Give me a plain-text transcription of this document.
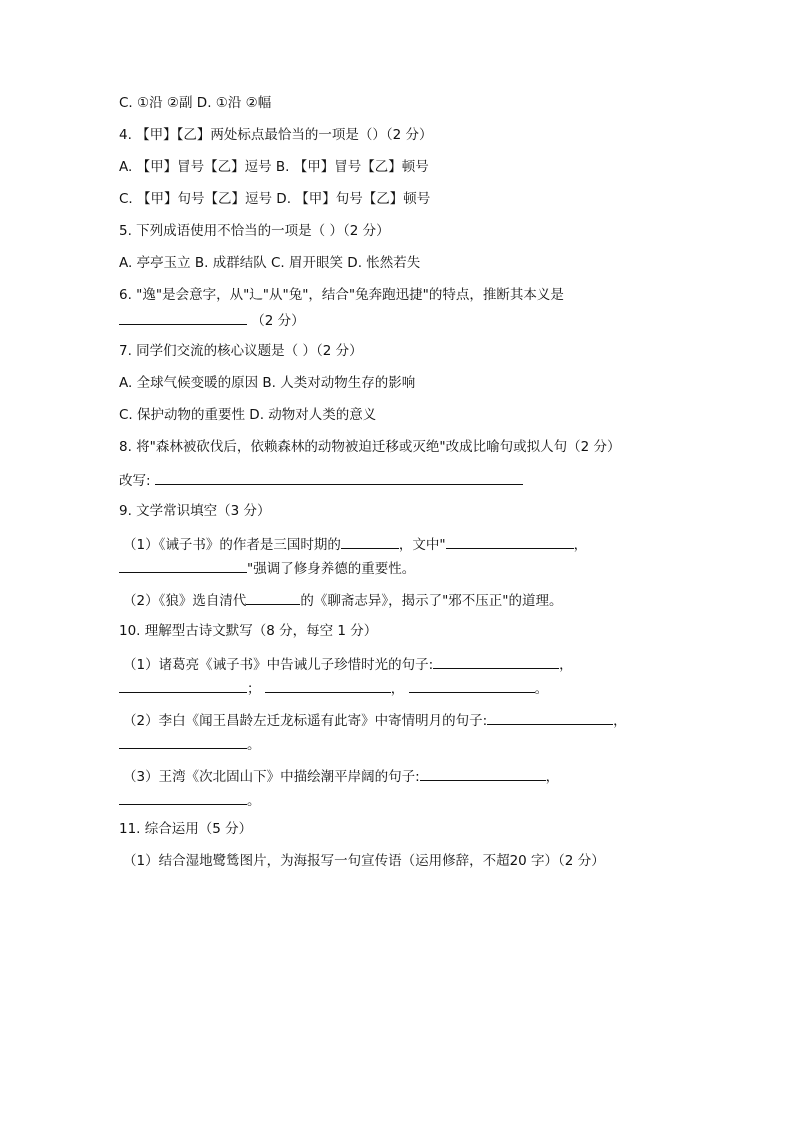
C. ①沿 ②副 D. ①沿 ②幅
4. 【甲】【乙】两处标点最恰当的一项是（）（2 分）
A. 【甲】冒号【乙】逗号 B. 【甲】冒号【乙】顿号
C. 【甲】句号【乙】逗号 D. 【甲】句号【乙】顿号
5. 下列成语使用不恰当的一项是（ ）（2 分）
A. 亭亭玉立 B. 成群结队 C. 眉开眼笑 D. 怅然若失
6. "逸"是会意字，从"辶"从"兔"，结合"兔奔跑迅捷"的特点，推断其本义是
（2 分）
7. 同学们交流的核心议题是（ ）（2 分）
A. 全球气候变暖的原因 B. 人类对动物生存的影响
C. 保护动物的重要性 D. 动物对人类的意义
8. 将"森林被砍伐后，依赖森林的动物被迫迁移或灭绝"改成比喻句或拟人句（2 分）
改写:
9. 文学常识填空（3 分）
（1）《诫子书》的作者是三国时期的	，文中"	，
"强调了修身养德的重要性。
（2）《狼》选自清代	的《聊斋志异》，揭示了"邪不压正"的道理。
10. 理解型古诗文默写（8 分，每空 1 分）
（1）诸葛亮《诫子书》中告诫儿子珍惜时光的句子:	，
；	，	。
（2）李白《闻王昌龄左迁龙标遥有此寄》中寄情明月的句子:	，
。
（3）王湾《次北固山下》中描绘潮平岸阔的句子:	，
。
11. 综合运用（5 分）
（1）结合湿地鹭鸶图片，为海报写一句宣传语（运用修辞，不超20 字）（2 分）
